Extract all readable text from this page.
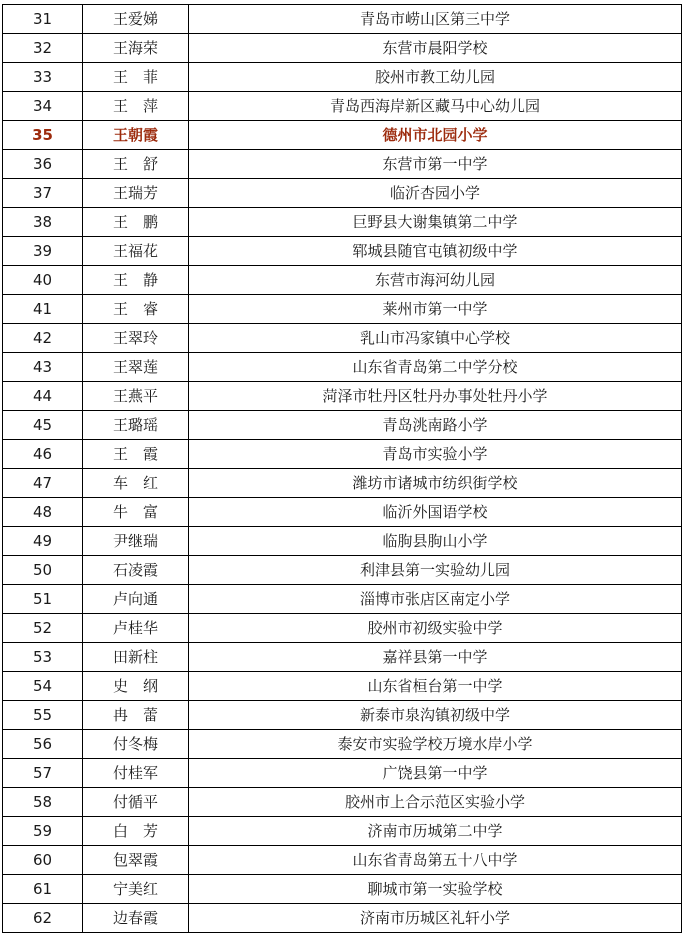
31	王爱娣	青岛市崂山区第三中学
32	王海荣	东营市晨阳学校
33	王　菲	胶州市教工幼儿园
34	王　萍	青岛西海岸新区藏马中心幼儿园
35	王朝霞	德州市北园小学
36	王　舒	东营市第一中学
37	王瑞芳	临沂杏园小学
38	王　鹏	巨野县大谢集镇第二中学
39	王福花	郓城县随官屯镇初级中学
40	王　静	东营市海河幼儿园
41	王　睿	莱州市第一中学
42	王翠玲	乳山市冯家镇中心学校
43	王翠莲	山东省青岛第二中学分校
44	王燕平	菏泽市牡丹区牡丹办事处牡丹小学
45	王璐瑶	青岛洮南路小学
46	王　霞	青岛市实验小学
47	车　红	潍坊市诸城市纺织街学校
48	牛　富	临沂外国语学校
49	尹继瑞	临朐县朐山小学
50	石凌霞	利津县第一实验幼儿园
51	卢向通	淄博市张店区南定小学
52	卢桂华	胶州市初级实验中学
53	田新柱	嘉祥县第一中学
54	史　纲	山东省桓台第一中学
55	冉　蕾	新泰市泉沟镇初级中学
56	付冬梅	泰安市实验学校万境水岸小学
57	付桂军	广饶县第一中学
58	付循平	胶州市上合示范区实验小学
59	白　芳	济南市历城第二中学
60	包翠霞	山东省青岛第五十八中学
61	宁美红	聊城市第一实验学校
62	边春霞	济南市历城区礼轩小学
